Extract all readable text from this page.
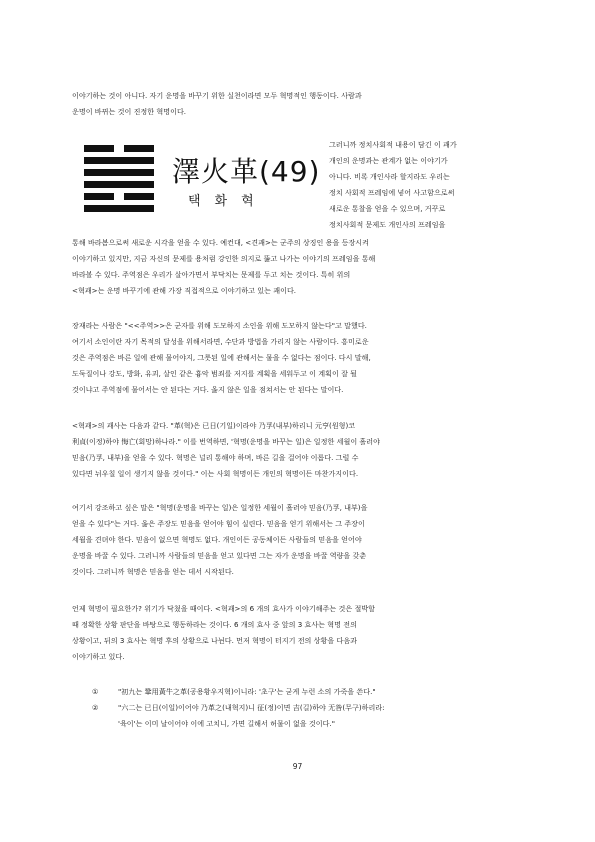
이야기하는 것이 아니다. 자기 운명을 바꾸기 위한 실천이라면 모두 혁명적인 행동이다. 사람과
운명이 바뀌는 것이 진정한 혁명이다.

澤火革(49)
택화혁

그러니까 정치사회적 내용이 담긴 이 괘가
개인의 운명과는 관계가 없는 이야기가
아니다. 비록 개인사라 할지라도 우리는
정치 사회적 프레임에 넣어 사고함으로써
새로운 통찰을 얻을 수 있으며, 거꾸로
정치사회적 문제도 개인사의 프레임을

통해 바라봄으로써 새로운 시각을 얻을 수 있다. 예컨대, <견괘>는 군주의 상징인 용을 등장시켜
이야기하고 있지만, 지금 자신의 문제를 용처럼 강인한 의지로 뚫고 나가는 이야기의 프레임을 통해
바라볼 수 있다. 주역점은 우리가 살아가면서 부닥치는 문제를 두고 치는 것이다. 특히 위의
<혁괘>는 운명 바꾸기에 관해 가장 직접적으로 이야기하고 있는 괘이다.

장재라는 사람은 "<<주역>>은 군자를 위해 도모하지 소인을 위해 도모하지 않는다"고 말했다.
여기서 소인이란 자기 목적의 달성을 위해서라면, 수단과 방법을 가리지 않는 사람이다. 흥미로운
것은 주역점은 바른 일에 관해 물어야지, 그릇된 일에 관해서는 물을 수 없다는 점이다. 다시 말해,
도둑질이나 강도, 방화, 유괴, 살인 같은 흉악 범죄를 저지를 계획을 세워두고 이 계획이 잘 될
것이냐고 주역점에 물어서는 안 된다는 거다. 옳지 않은 일을 점쳐서는 안 된다는 말이다.

<혁괘>의 괘사는 다음과 같다. "革(혁)은 已日(기일)이라야 乃孚(내부)하리니 元亨(원형)코
利貞(이정)하야 悔亡(회망)하나라." 이를 번역하면, '혁명(운명을 바꾸는 일)은 일정한 세월이 흘러야
믿음(乃孚, 내부)을 얻을 수 있다. 혁명은 널리 통해야 하며, 바른 길을 걸어야 이롭다. 그럴 수
있다면 뉘우칠 일이 생기지 않을 것이다." 이는 사회 혁명이든 개인의 혁명이든 마찬가지이다.

여기서 강조하고 싶은 말은 "혁명(운명을 바꾸는 일)은 일정한 세월이 흘러야 믿음(乃孚, 내부)을
얻을 수 있다"는 거다. 옳은 주장도 믿음을 얻어야 힘이 실린다. 믿음을 얻기 위해서는 그 주장이
세월을 견뎌야 한다. 믿음이 없으면 혁명도 없다. 개인이든 공동체이든 사람들의 믿음을 얻어야
운명을 바꿀 수 있다. 그러니까 사람들의 믿음을 얻고 있다면 그는 자가 운명을 바꿀 역량을 갖춘
것이다. 그러니까 혁명은 믿음을 얻는 데서 시작된다.

언제 혁명이 필요한가? 위기가 닥쳤을 때이다. <혁괘>의 6 개의 효사가 이야기해주는 것은 절박할
때 정확한 상황 판단을 바탕으로 행동하라는 것이다. 6 개의 효사 중 앞의 3 효사는 혁명 전의
상황이고, 뒤의 3 효사는 혁명 후의 상황으로 나뉜다. 먼저 혁명이 터지기 전의 상황을 다음과
이야기하고 있다.

①	"初九는 鞏用黃牛之革(공용황우지혁)이니라: '초구'는 굳게 누런 소의 가죽을 쓴다."
②	"六二는 已日(이일)이어야 乃革之(내혁지)니 征(정)이면 吉(길)하야 无咎(무구)하리라:
'육이'는 이미 날이어야 이에 고치니, 가면 길해서 허물이 없을 것이다."
97
